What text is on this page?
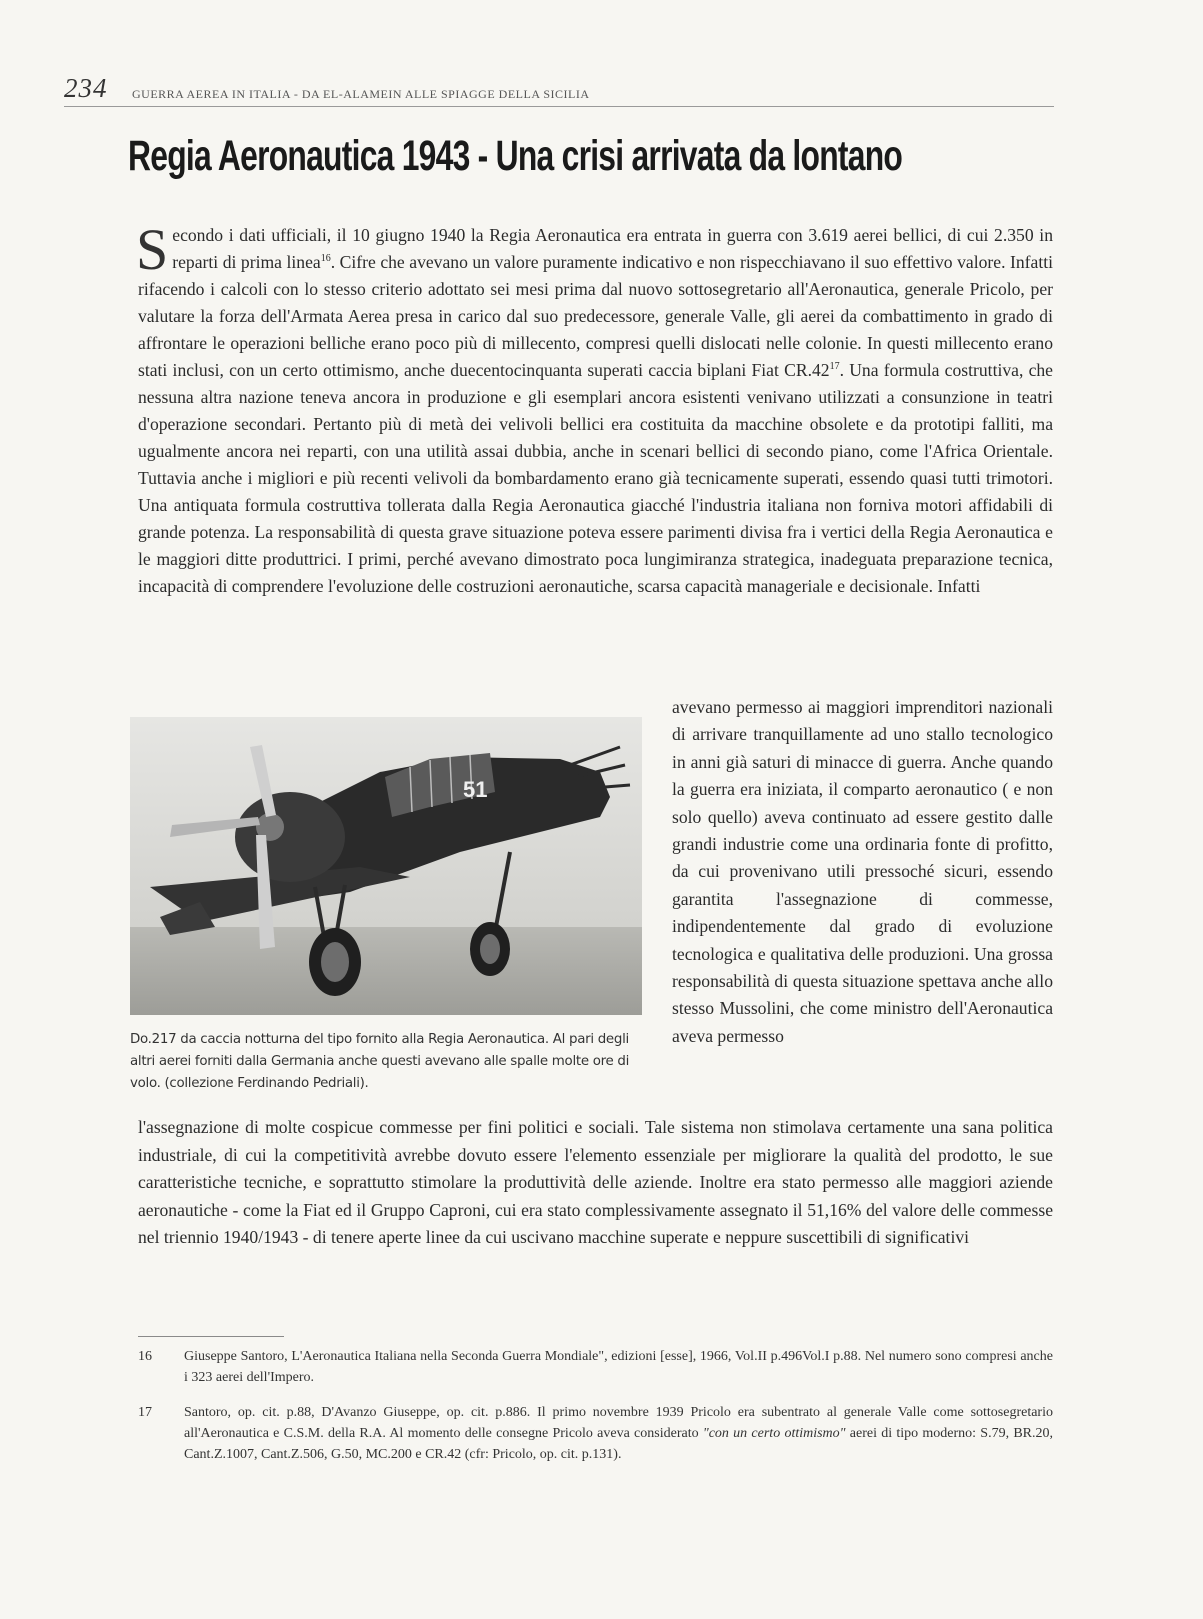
234 GUERRA AEREA IN ITALIA - DA EL-ALAMEIN ALLE SPIAGGE DELLA SICILIA
Regia Aeronautica 1943 - Una crisi arrivata da lontano

Secondo i dati ufficiali, il 10 giugno 1940 la Regia Aeronautica era entrata in guerra con 3.619 aerei bellici, di cui 2.350 in reparti di prima linea$^{16}$. Cifre che avevano un valore puramente indicativo e non rispecchiavano il suo effettivo valore. Infatti rifacendo i calcoli con lo stesso criterio adottato sei mesi prima dal nuovo sottosegretario all'Aeronautica, generale Pricolo, per valutare la forza dell'Armata Aerea presa in carico dal suo predecessore, generale Valle, gli aerei da combattimento in grado di affrontare le operazioni belliche erano poco più di millecento, compresi quelli dislocati nelle colonie. In questi millecento erano stati inclusi, con un certo ottimismo, anche duecentocinquanta superati caccia biplani Fiat $CR.42^{17}$. Una formula costruttiva, che nessuna altra nazione teneva ancora in produzione e gli esemplari ancora esistenti venivano utilizzati a consunzione in teatri d'operazione secondari. Pertanto più di metà dei velivoli bellici era costituita da macchine obsolete e da prototipi falliti, ma ugualmente ancora nei reparti, con una utilità assai dubbia, anche in scenari bellici di secondo piano, come l'Africa Orientale. Tuttavia anche i migliori e più recenti velivoli da bombardamento erano già tecnicamente superati, essendo quasi tutti trimotori. Una antiquata formula costruttiva tollerata dalla Regia Aeronautica giacché l'industria italiana non forniva motori affidabili di grande potenza. La responsabilità di questa grave situazione poteva essere parimenti divisa fra i vertici della Regia Aeronautica e le maggiori ditte produttrici. I primi, perché avevano dimostrato poca lungimiranza strategica, inadeguata preparazione tecnica, incapacità di comprendere l'evoluzione delle costruzioni aeronautiche, scarsa capacità manageriale e decisionale. Infatti

51
Do.217 da caccia notturna del tipo fornito alla Regia Aeronautica. Al pari degli altri aerei forniti dalla Germania anche questi avevano alle spalle molte ore di volo. (collezione Ferdinando Pedriali).

avevano permesso ai maggiori imprenditori nazionali di arrivare tranquillamente ad uno stallo tecnologico in anni già saturi di minacce di guerra. Anche quando la guerra era iniziata, il comparto aeronautico ( e non solo quello) aveva continuato ad essere gestito dalle grandi industrie come una ordinaria fonte di profitto, da cui provenivano utili pressoché sicuri, essendo garantita l'assegnazione di commesse, indipendentemente dal grado di evoluzione tecnologica e qualitativa delle produzioni. Una grossa responsabilità di questa situazione spettava anche allo stesso Mussolini, che come ministro dell'Aeronautica aveva permesso

l'assegnazione di molte cospicue commesse per fini politici e sociali. Tale sistema non stimolava certamente una sana politica industriale, di cui la competitività avrebbe dovuto essere l'elemento essenziale per migliorare la qualità del prodotto, le sue caratteristiche tecniche, e soprattutto stimolare la produttività delle aziende. Inoltre era stato permesso alle maggiori aziende aeronautiche - come la Fiat ed il Gruppo Caproni, cui era stato complessivamente assegnato il 51,16% del valore delle commesse nel triennio 1940/1943 - di tenere aperte linee da cui uscivano macchine superate e neppure suscettibili di significativi

16 Giuseppe Santoro, L'Aeronautica Italiana nella Seconda Guerra Mondiale", edizioni [esse], 1966, Vol.II p.496Vol.I p.88. Nel numero sono compresi anche i 323 aerei dell'Impero.
17 Santoro, op. cit. p.88, D'Avanzo Giuseppe, op. cit. p.886. Il primo novembre 1939 Pricolo era subentrato al generale Valle come sottosegretario all'Aeronautica e C.S.M. della R.A. Al momento delle consegne Pricolo aveva considerato "con un certo ottimismo" aerei di tipo moderno: S.79, BR.20, Cant.Z.1007, Cant.Z.506, G.50, MC.200 e CR.42 (cfr: Pricolo, op. cit. p.131).
